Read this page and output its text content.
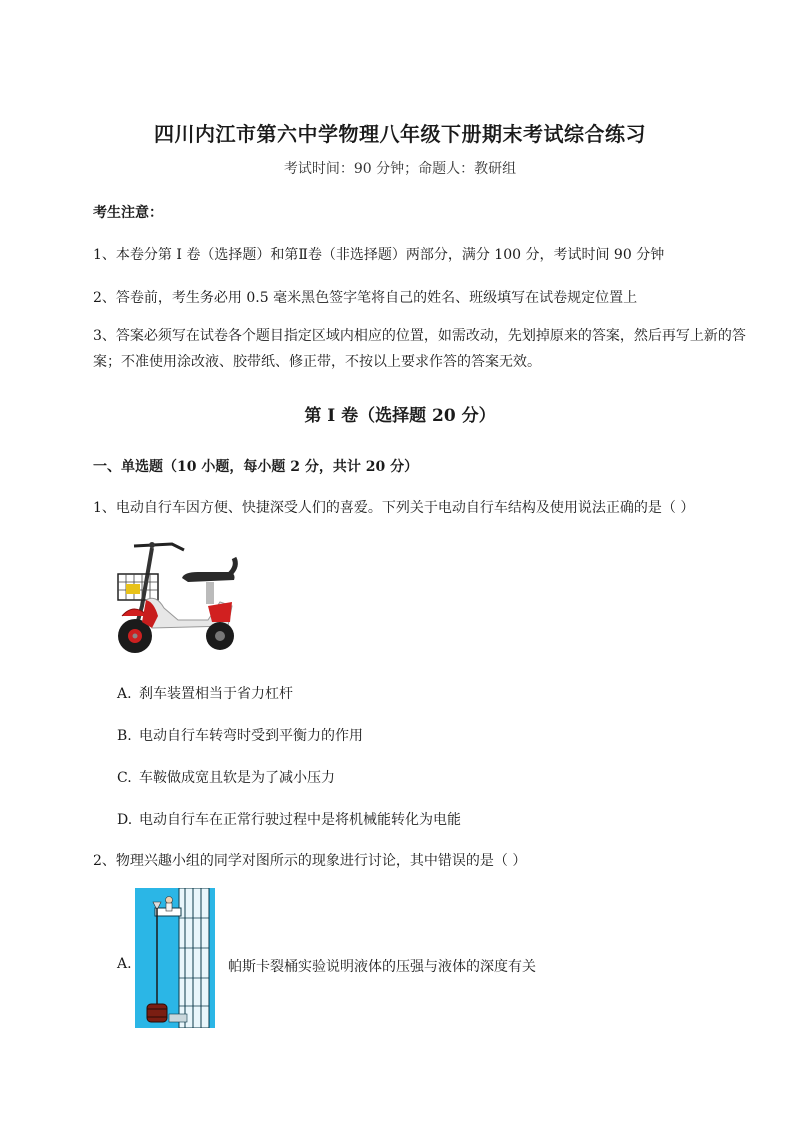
四川内江市第六中学物理八年级下册期末考试综合练习
考试时间：90 分钟；命题人：教研组
考生注意：
1、本卷分第 I 卷（选择题）和第Ⅱ卷（非选择题）两部分，满分 100 分，考试时间 90 分钟
2、答卷前，考生务必用 0.5 毫米黑色签字笔将自己的姓名、班级填写在试卷规定位置上
3、答案必须写在试卷各个题目指定区域内相应的位置，如需改动，先划掉原来的答案，然后再写上新的答案；不准使用涂改液、胶带纸、修正带，不按以上要求作答的答案无效。
第 I 卷（选择题 20 分）
一、单选题（10 小题，每小题 2 分，共计 20 分）
1、电动自行车因方便、快捷深受人们的喜爱。下列关于电动自行车结构及使用说法正确的是（ ）
A. 刹车装置相当于省力杠杆
B. 电动自行车转弯时受到平衡力的作用
C. 车鞍做成宽且软是为了减小压力
D. 电动自行车在正常行驶过程中是将机械能转化为电能
2、物理兴趣小组的同学对图所示的现象进行讨论，其中错误的是（ ）
A.	帕斯卡裂桶实验说明液体的压强与液体的深度有关
